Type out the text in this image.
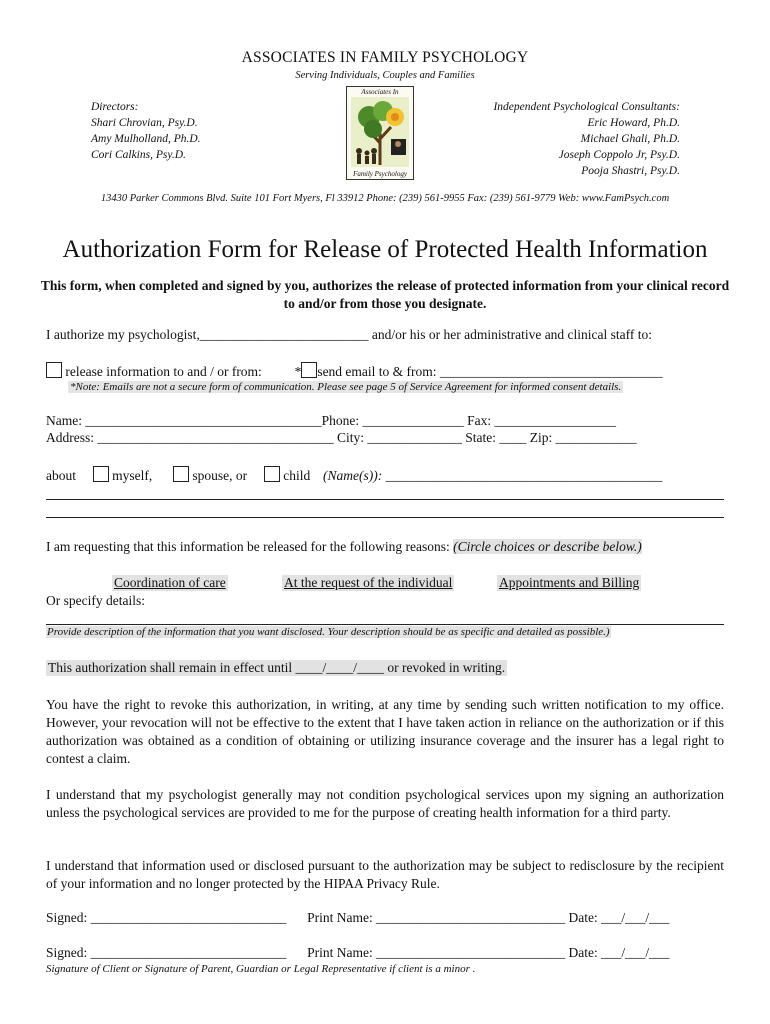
ASSOCIATES IN FAMILY PSYCHOLOGY
Serving Individuals, Couples and Families
Directors:
Shari Chrovian, Psy.D.
Amy Mulholland, Ph.D.
Cori Calkins, Psy.D.
Independent Psychological Consultants:
Eric Howard, Ph.D.
Michael Ghali, Ph.D.
Joseph Coppolo Jr, Psy.D.
Pooja Shastri, Psy.D.
Associates In
Family Psychology
13430 Parker Commons Blvd. Suite 101 Fort Myers, Fl 33912 Phone: (239) 561-9955 Fax: (239) 561-9779 Web: www.FamPsych.com
Authorization Form for Release of Protected Health Information
This form, when completed and signed by you, authorizes the release of protected information from your clinical record to and/or from those you designate.
I authorize my psychologist,_________________________ and/or his or her administrative and clinical staff to:
release information to and / or from: * send email to & from: _________________________________
*Note: Emails are not a secure form of communication. Please see page 5 of Service Agreement for informed consent details.
Name: ___________________________________Phone: _______________ Fax: __________________
Address: ___________________________________ City: ______________ State: ____ Zip: ____________
about	myself,	spouse, or	child (Name(s)): _________________________________________
I am requesting that this information be released for the following reasons: (Circle choices or describe below.)
Coordination of care	At the request of the individual	Appointments and Billing
Or specify details:
Provide description of the information that you want disclosed. Your description should be as specific and detailed as possible.)
This authorization shall remain in effect until ____/____/____ or revoked in writing.
You have the right to revoke this authorization, in writing, at any time by sending such written notification to my office. However, your revocation will not be effective to the extent that I have taken action in reliance on the authorization or if this authorization was obtained as a condition of obtaining or utilizing insurance coverage and the insurer has a legal right to contest a claim.
I understand that my psychologist generally may not condition psychological services upon my signing an authorization unless the psychological services are provided to me for the purpose of creating health information for a third party.
I understand that information used or disclosed pursuant to the authorization may be subject to redisclosure by the recipient of your information and no longer protected by the HIPAA Privacy Rule.
Signed: _____________________________ Print Name: ____________________________ Date: ___/___/___
Signed: _____________________________ Print Name: ____________________________ Date: ___/___/___
Signature of Client or Signature of Parent, Guardian or Legal Representative if client is a minor .
